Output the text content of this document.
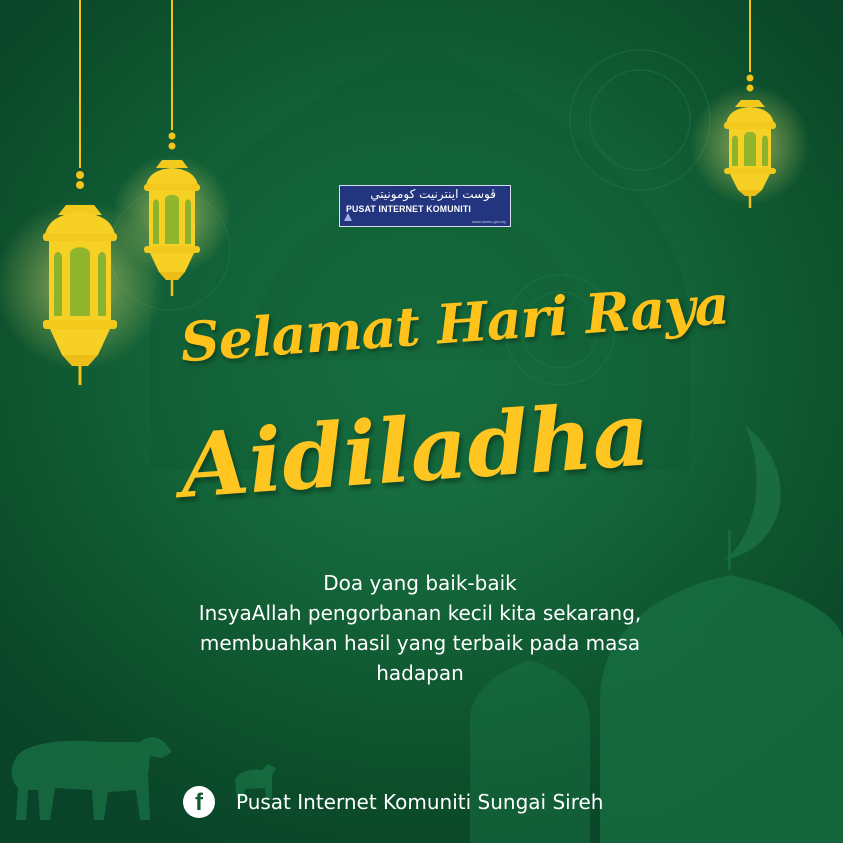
ڤوست اينترنيت كومونيتي
PUSAT INTERNET KOMUNITI
www.mcmc.gov.my
Selamat Hari Raya
Aidiladha
Doa yang baik-baik
InsyaAllah pengorbanan kecil kita sekarang,
membuahkan hasil yang terbaik pada masa
hadapan
f	Pusat Internet Komuniti Sungai Sireh
